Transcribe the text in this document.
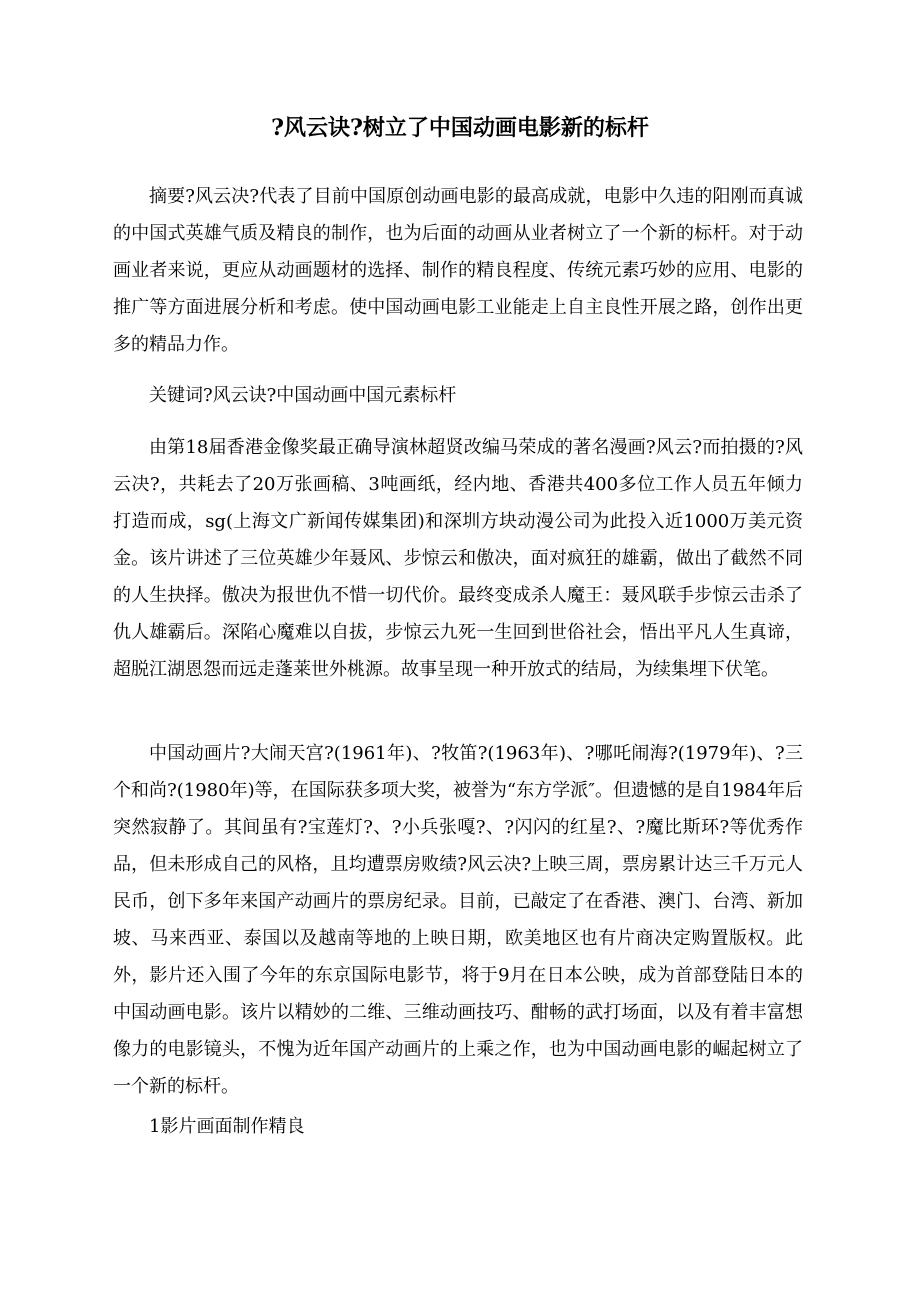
?风云诀?树立了中国动画电影新的标杆

摘要?风云决?代表了目前中国原创动画电影的最高成就，电影中久违的阳刚而真诚的中国式英雄气质及精良的制作，也为后面的动画从业者树立了一个新的标杆。对于动画业者来说，更应从动画题材的选择、制作的精良程度、传统元素巧妙的应用、电影的推广等方面进展分析和考虑。使中国动画电影工业能走上自主良性开展之路，创作出更多的精品力作。

关键词?风云诀?中国动画中国元素标杆

由第18届香港金像奖最正确导演林超贤改编马荣成的著名漫画?风云?而拍摄的?风云决?，共耗去了20万张画稿、3吨画纸，经内地、香港共400多位工作人员五年倾力打造而成，sg(上海文广新闻传媒集团)和深圳方块动漫公司为此投入近1000万美元资金。该片讲述了三位英雄少年聂风、步惊云和傲决，面对疯狂的雄霸，做出了截然不同的人生抉择。傲决为报世仇不惜一切代价。最终变成杀人魔王：聂风联手步惊云击杀了仇人雄霸后。深陷心魔难以自拔，步惊云九死一生回到世俗社会，悟出平凡人生真谛，超脱江湖恩怨而远走蓬莱世外桃源。故事呈现一种开放式的结局，为续集埋下伏笔。

中国动画片?大闹天宫?(1961年)、?牧笛?(1963年)、?哪吒闹海?(1979年)、?三个和尚?(1980年)等，在国际获多项大奖，被誉为“东方学派″。但遗憾的是自1984年后突然寂静了。其间虽有?宝莲灯?、?小兵张嘎?、?闪闪的红星?、?魔比斯环?等优秀作品，但未形成自己的风格，且均遭票房败绩?风云决?上映三周，票房累计达三千万元人民币，创下多年来国产动画片的票房纪录。目前，已敲定了在香港、澳门、台湾、新加坡、马来西亚、泰国以及越南等地的上映日期，欧美地区也有片商决定购置版权。此外，影片还入围了今年的东京国际电影节，将于9月在日本公映，成为首部登陆日本的中国动画电影。该片以精妙的二维、三维动画技巧、酣畅的武打场面，以及有着丰富想像力的电影镜头，不愧为近年国产动画片的上乘之作，也为中国动画电影的崛起树立了一个新的标杆。

1影片画面制作精良
